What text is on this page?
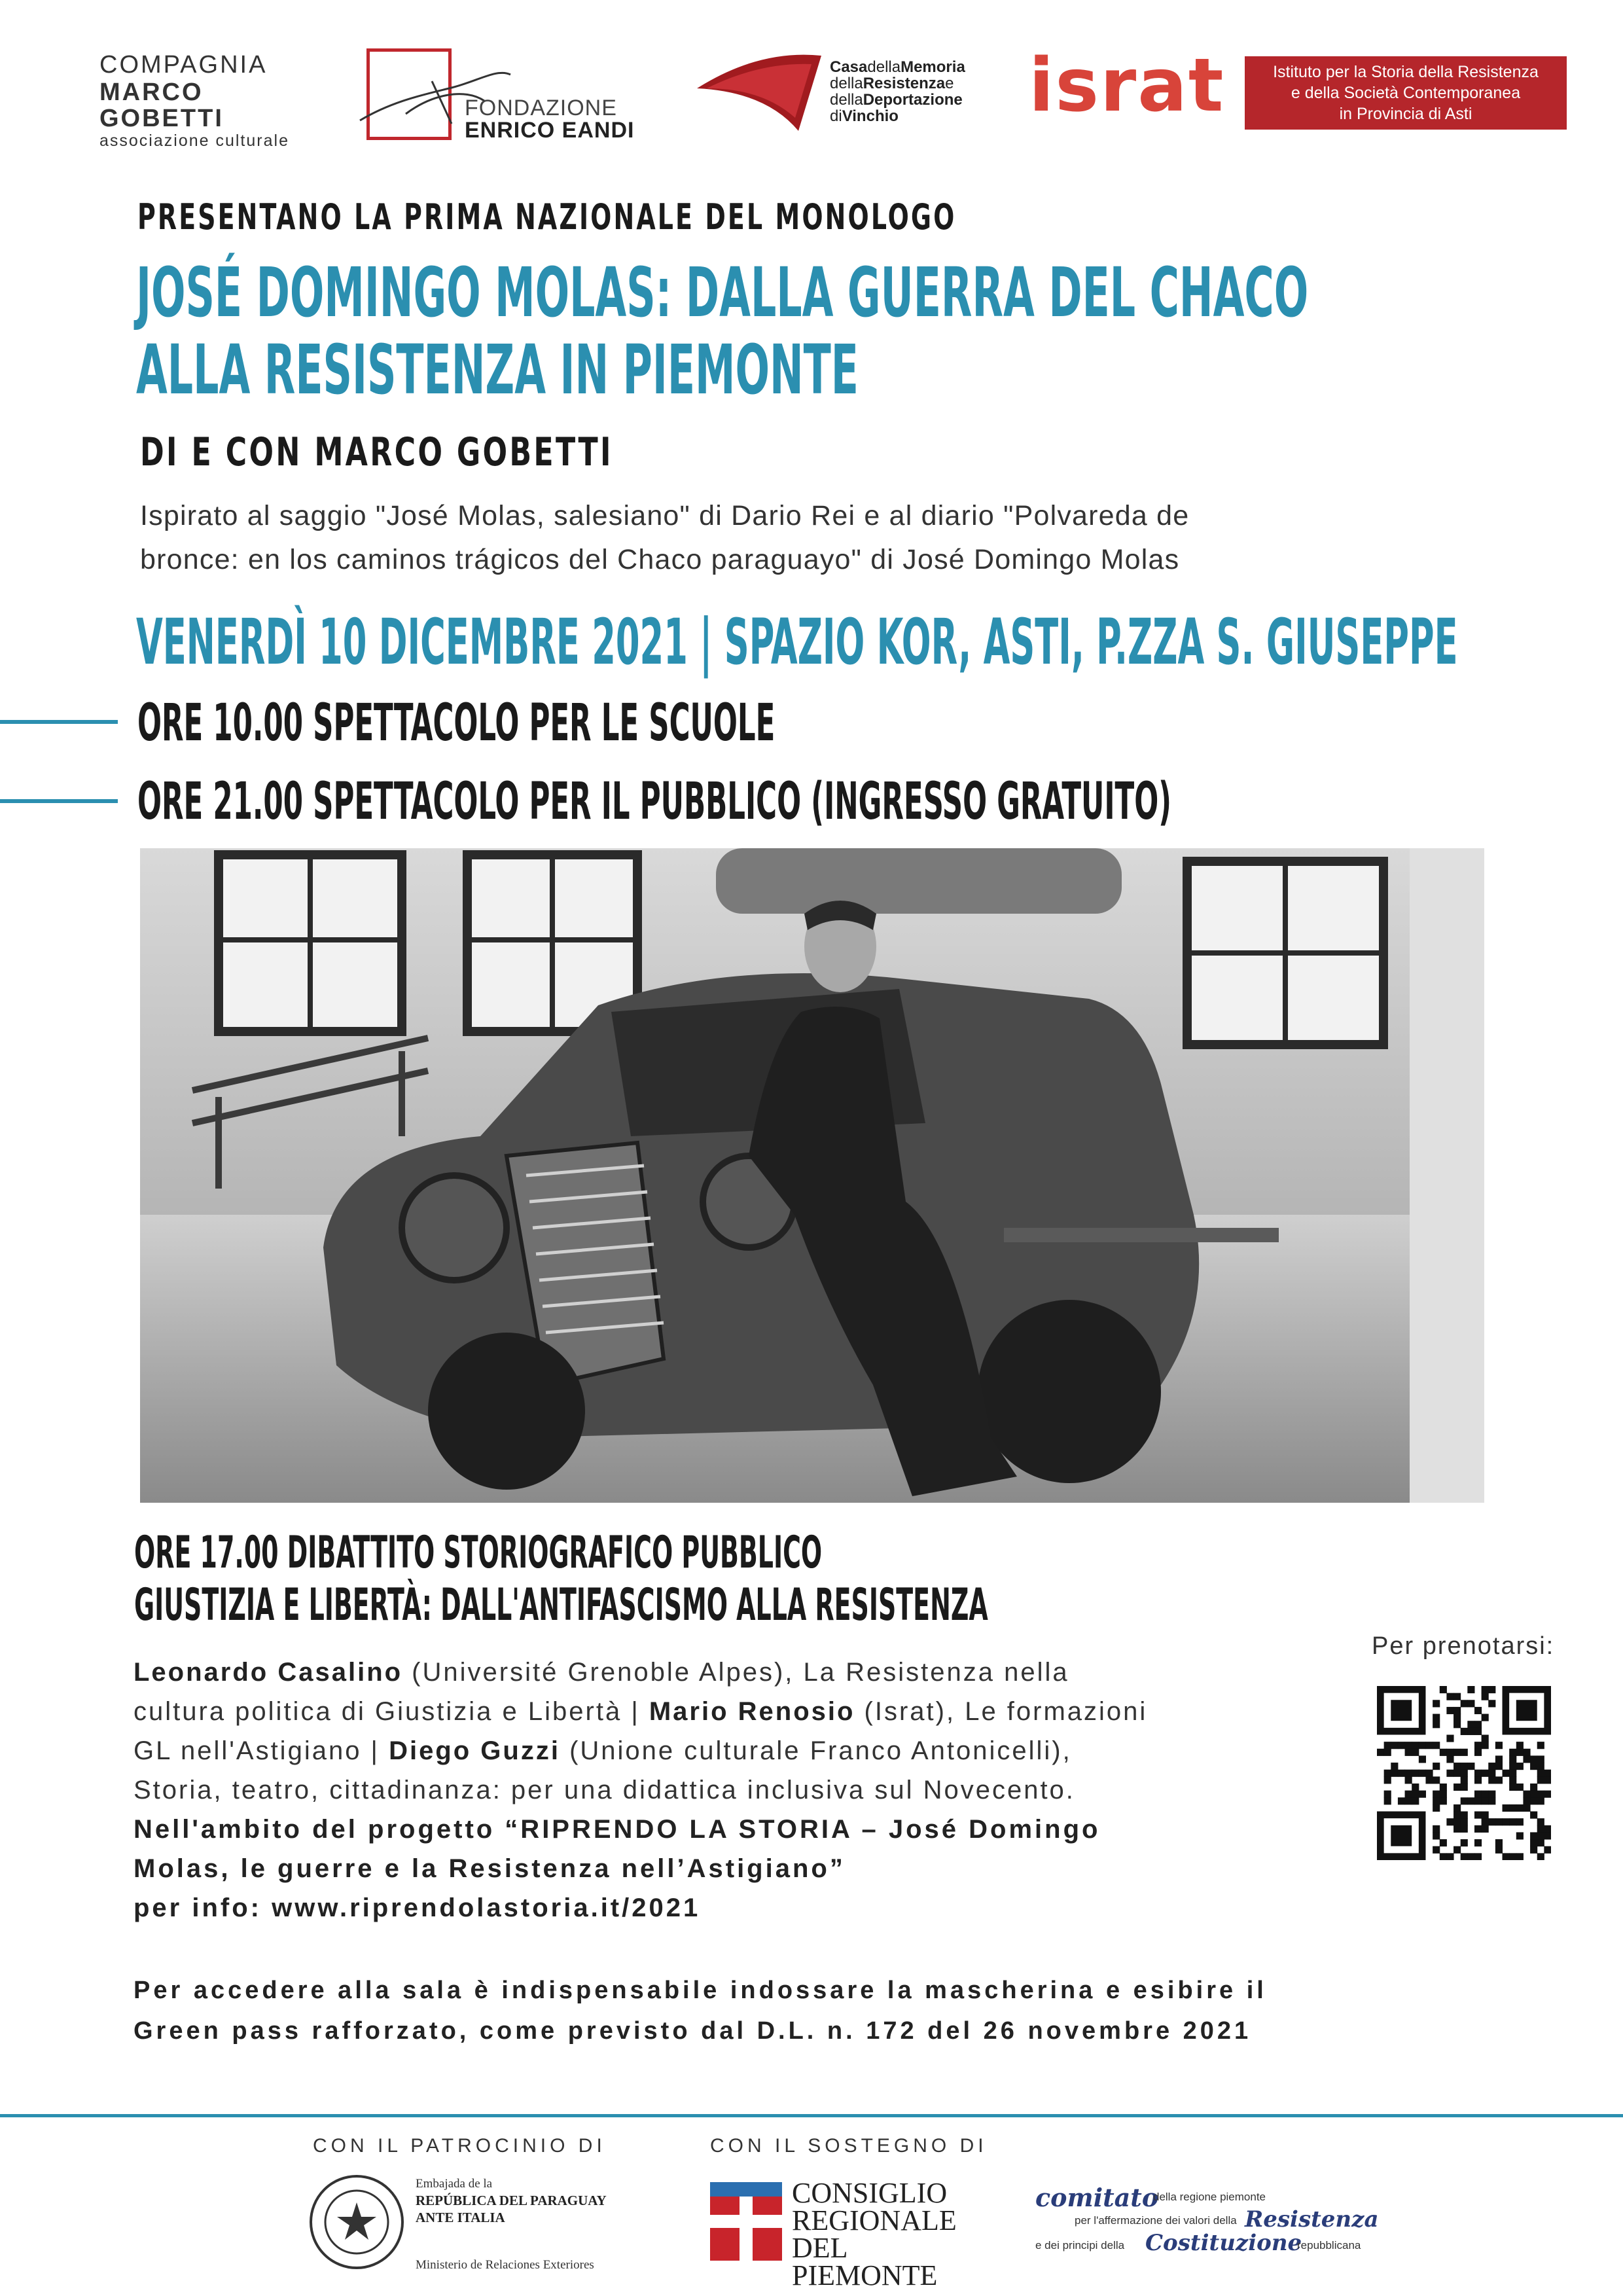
COMPAGNIA
MARCO
GOBETTI
associazione culturale
FONDAZIONE
ENRICO EANDI
CasadellaMemoria
dellaResistenzae
dellaDeportazione
diVinchio	israt	Istituto per la Storia della Resistenza
e della Società Contemporanea
in Provincia di Asti
PRESENTANO LA PRIMA NAZIONALE DEL MONOLOGO
JOSÉ DOMINGO MOLAS: DALLA GUERRA DEL CHACO
ALLA RESISTENZA IN PIEMONTE
DI E CON MARCO GOBETTI
Ispirato al saggio "José Molas, salesiano" di Dario Rei e al diario "Polvareda de
bronce: en los caminos trágicos del Chaco paraguayo" di José Domingo Molas
VENERDÌ 10 DICEMBRE 2021 | SPAZIO KOR, ASTI, P.ZZA S. GIUSEPPE
ORE 10.00 SPETTACOLO PER LE SCUOLE
ORE 21.00 SPETTACOLO PER IL PUBBLICO (INGRESSO GRATUITO)
ORE 17.00 DIBATTITO STORIOGRAFICO PUBBLICO
GIUSTIZIA E LIBERTÀ: DALL'ANTIFASCISMO ALLA RESISTENZA
Leonardo Casalino (Université Grenoble Alpes), La Resistenza nella
cultura politica di Giustizia e Libertà | Mario Renosio (Israt), Le formazioni
GL nell'Astigiano | Diego Guzzi (Unione culturale Franco Antonicelli),
Storia, teatro, cittadinanza: per una didattica inclusiva sul Novecento.
Nell'ambito del progetto “RIPRENDO LA STORIA – José Domingo
Molas, le guerre e la Resistenza nell’Astigiano”
per info: www.riprendolastoria.it/2021
Per prenotarsi:
Per accedere alla sala è indispensabile indossare la mascherina e esibire il
Green pass rafforzato, come previsto dal D.L. n. 172 del 26 novembre 2021
CON IL PATROCINIO DI	CON IL SOSTEGNO DI
Embajada de la
REPÚBLICA DEL PARAGUAY
ANTE ITALIA
Ministerio de Relaciones Exteriores
CONSIGLIO
REGIONALE
DEL PIEMONTE
comitato
della regione piemonte
per l'affermazione dei valori della Resistenza
e dei principi della Costituzione
repubblicana
